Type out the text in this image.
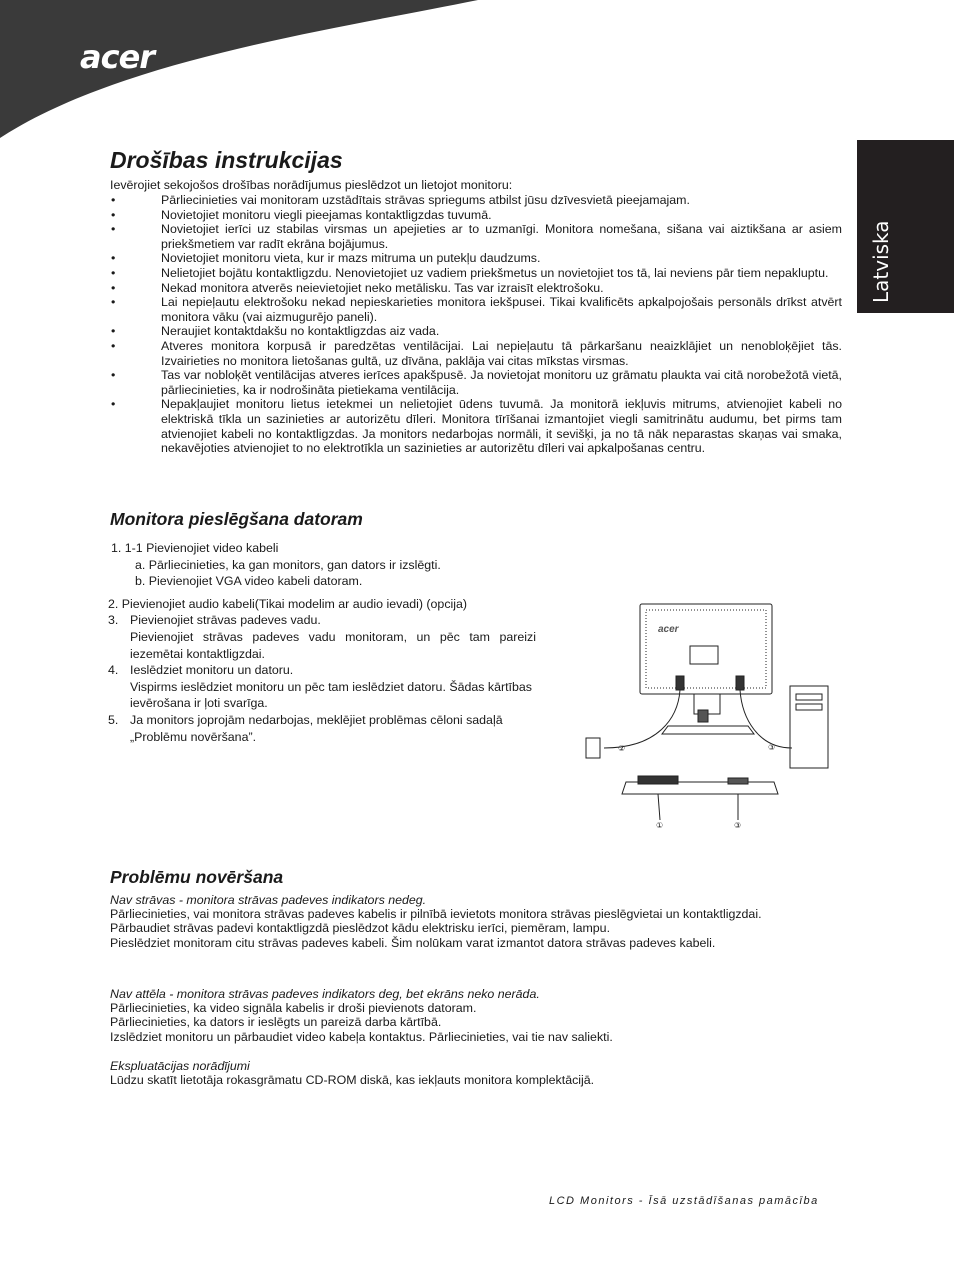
acer
Latviska
Drošības instrukcijas

Ievērojiet sekojošos drošības norādījumus pieslēdzot un lietojot monitoru:

• Pārliecinieties vai monitoram uzstādītais strāvas spriegums atbilst jūsu dzīvesvietā pieejamajam.
• Novietojiet monitoru viegli pieejamas kontaktligzdas tuvumā.
• Novietojiet ierīci uz stabilas virsmas un apejieties ar to uzmanīgi. Monitora nomešana, sišana vai aiztikšana ar asiem priekšmetiem var radīt ekrāna bojājumus.
• Novietojiet monitoru vieta, kur ir mazs mitruma un putekļu daudzums.
• Nelietojiet bojātu kontaktligzdu. Nenovietojiet uz vadiem priekšmetus un novietojiet tos tā, lai neviens pār tiem nepakluptu.
• Nekad monitora atverēs neievietojiet neko metālisku. Tas var izraisīt elektrošoku.
• Lai nepieļautu elektrošoku nekad nepieskarieties monitora iekšpusei. Tikai kvalificēts apkalpojošais personāls drīkst atvērt monitora vāku (vai aizmugurējo paneli).
• Neraujiet kontaktdakšu no kontaktligzdas aiz vada.
• Atveres monitora korpusā ir paredzētas ventilācijai. Lai nepieļautu tā pārkaršanu neaizklājiet un nenobloķējiet tās. Izvairieties no monitora lietošanas gultā, uz dīvāna, paklāja vai citas mīkstas virsmas.
• Tas var nobloķēt ventilācijas atveres ierīces apakšpusē. Ja novietojat monitoru uz grāmatu plaukta vai citā norobežotā vietā, pārliecinieties, ka ir nodrošināta pietiekama ventilācija.
• Nepakļaujiet monitoru lietus ietekmei un nelietojiet ūdens tuvumā. Ja monitorā iekļuvis mitrums, atvienojiet kabeli no elektriskā tīkla un sazinieties ar autorizētu dīleri. Monitora tīrīšanai izmantojiet viegli samitrinātu audumu, bet pirms tam atvienojiet kabeli no kontaktligzdas. Ja monitors nedarbojas normāli, it sevišķi, ja no tā nāk neparastas skaņas vai smaka, nekavējoties atvienojiet to no elektrotīkla un sazinieties ar autorizētu dīleri vai apkalpošanas centru.
Monitora pieslēgšana datoram
1. 1-1 Pievienojiet video kabeli
a. Pārliecinieties, ka gan monitors, gan dators ir izslēgti.
b. Pievienojiet VGA video kabeli datoram.
2. Pievienojiet audio kabeli(Tikai modelim ar audio ievadi) (opcija)
3. Pievienojiet strāvas padeves vadu.
Pievienojiet strāvas padeves vadu monitoram, un pēc tam pareizi iezemētai kontaktligzdai.
4. Ieslēdziet monitoru un datoru.
Vispirms ieslēdziet monitoru un pēc tam ieslēdziet datoru. Šādas kārtības ievērošana ir ļoti svarīga.
5. Ja monitors joprojām nedarbojas, meklējiet problēmas cēloni sadaļā „Problēmu novēršana”.
acer
②	③
①	③
Problēmu novēršana

Nav strāvas - monitora strāvas padeves indikators nedeg.

Pārliecinieties, vai monitora strāvas padeves kabelis ir pilnībā ievietots monitora strāvas pieslēgvietai un kontaktligzdai.

Pārbaudiet strāvas padevi kontaktligzdā pieslēdzot kādu elektrisku ierīci, piemēram, lampu.

Pieslēdziet monitoram citu strāvas padeves kabeli. Šim nolūkam varat izmantot datora strāvas padeves kabeli.

Nav attēla - monitora strāvas padeves indikators deg, bet ekrāns neko nerāda.

Pārliecinieties, ka video signāla kabelis ir droši pievienots datoram.

Pārliecinieties, ka dators ir ieslēgts un pareizā darba kārtībā.

Izslēdziet monitoru un pārbaudiet video kabeļa kontaktus. Pārliecinieties, vai tie nav saliekti.

Ekspluatācijas norādījumi

Lūdzu skatīt lietotāja rokasgrāmatu CD-ROM diskā, kas iekļauts monitora komplektācijā.

LCD Monitors - Īsā uzstādīšanas pamācība
